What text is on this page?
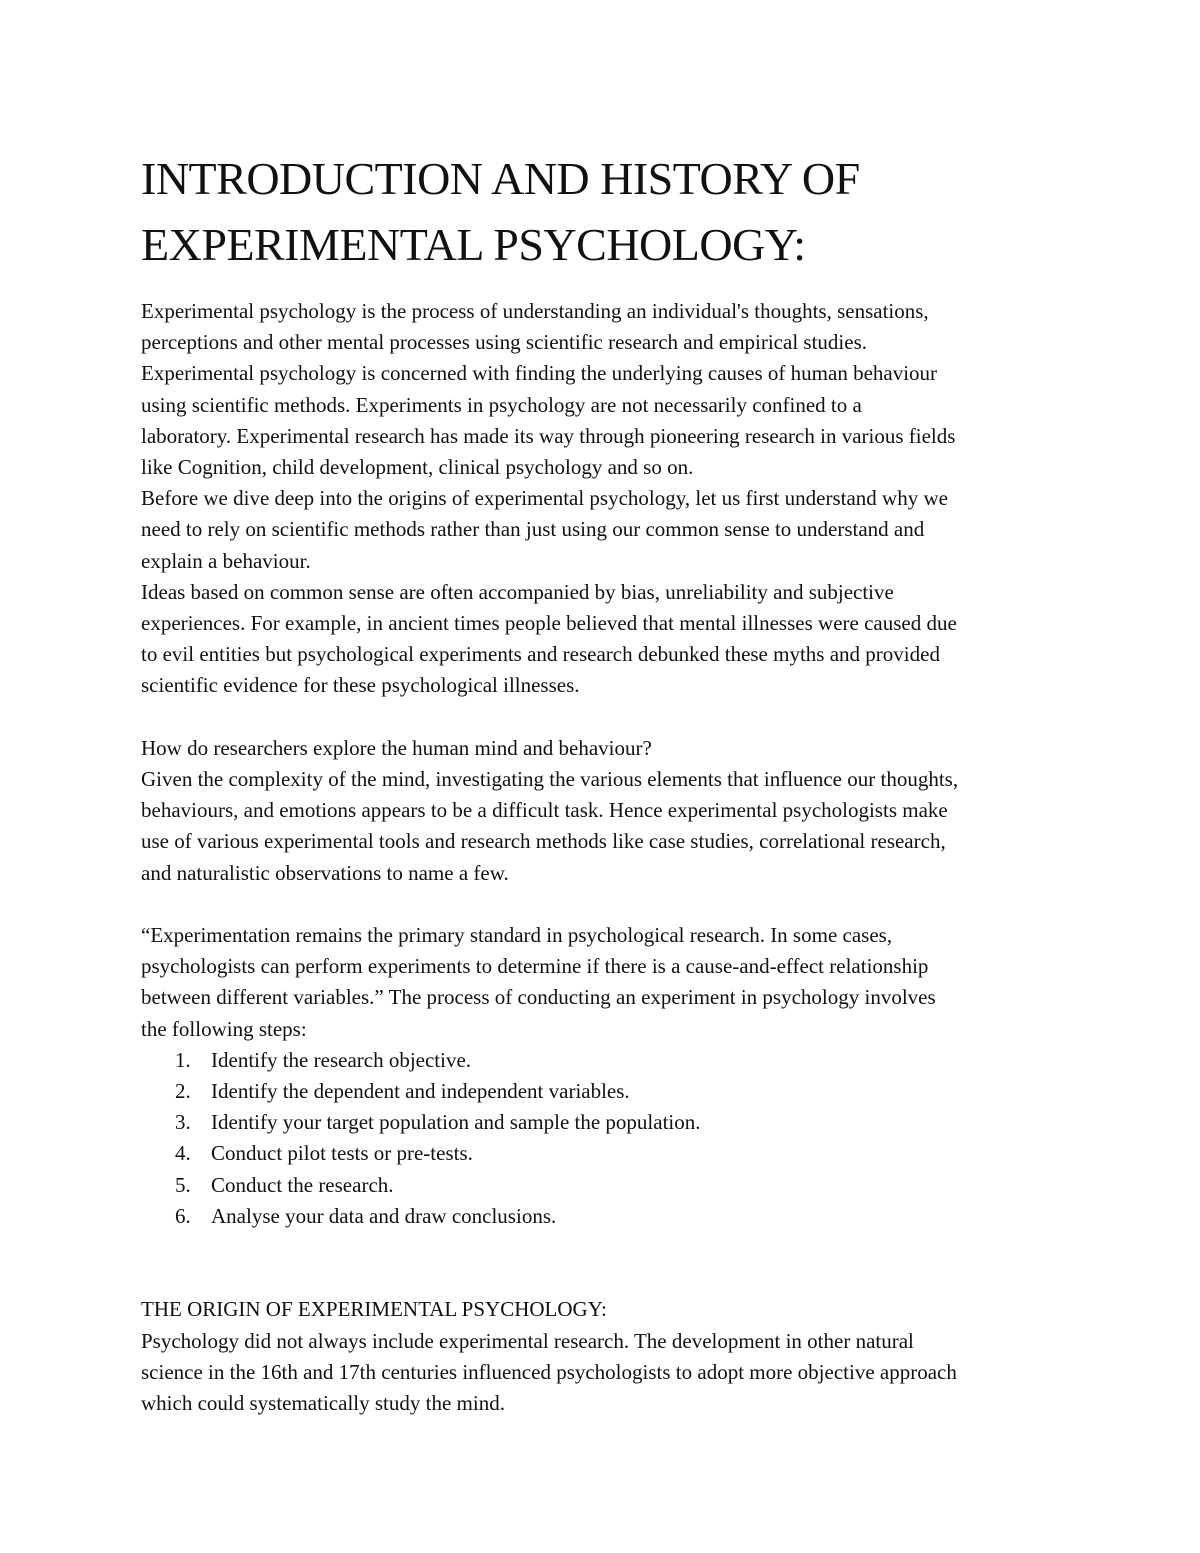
INTRODUCTION AND HISTORY OF
EXPERIMENTAL PSYCHOLOGY:
Experimental psychology is the process of understanding an individual's thoughts, sensations,
perceptions and other mental processes using scientific research and empirical studies.
Experimental psychology is concerned with finding the underlying causes of human behaviour
using scientific methods. Experiments in psychology are not necessarily confined to a
laboratory. Experimental research has made its way through pioneering research in various fields
like Cognition, child development, clinical psychology and so on.
Before we dive deep into the origins of experimental psychology, let us first understand why we
need to rely on scientific methods rather than just using our common sense to understand and
explain a behaviour.
Ideas based on common sense are often accompanied by bias, unreliability and subjective
experiences. For example, in ancient times people believed that mental illnesses were caused due
to evil entities but psychological experiments and research debunked these myths and provided
scientific evidence for these psychological illnesses.
How do researchers explore the human mind and behaviour?
Given the complexity of the mind, investigating the various elements that influence our thoughts,
behaviours, and emotions appears to be a difficult task. Hence experimental psychologists make
use of various experimental tools and research methods like case studies, correlational research,
and naturalistic observations to name a few.
“Experimentation remains the primary standard in psychological research. In some cases,
psychologists can perform experiments to determine if there is a cause-and-effect relationship
between different variables.” The process of conducting an experiment in psychology involves
the following steps:
1. Identify the research objective.
2. Identify the dependent and independent variables.
3. Identify your target population and sample the population.
4. Conduct pilot tests or pre-tests.
5. Conduct the research.
6. Analyse your data and draw conclusions.
THE ORIGIN OF EXPERIMENTAL PSYCHOLOGY:
Psychology did not always include experimental research. The development in other natural
science in the 16th and 17th centuries influenced psychologists to adopt more objective approach
which could systematically study the mind.
